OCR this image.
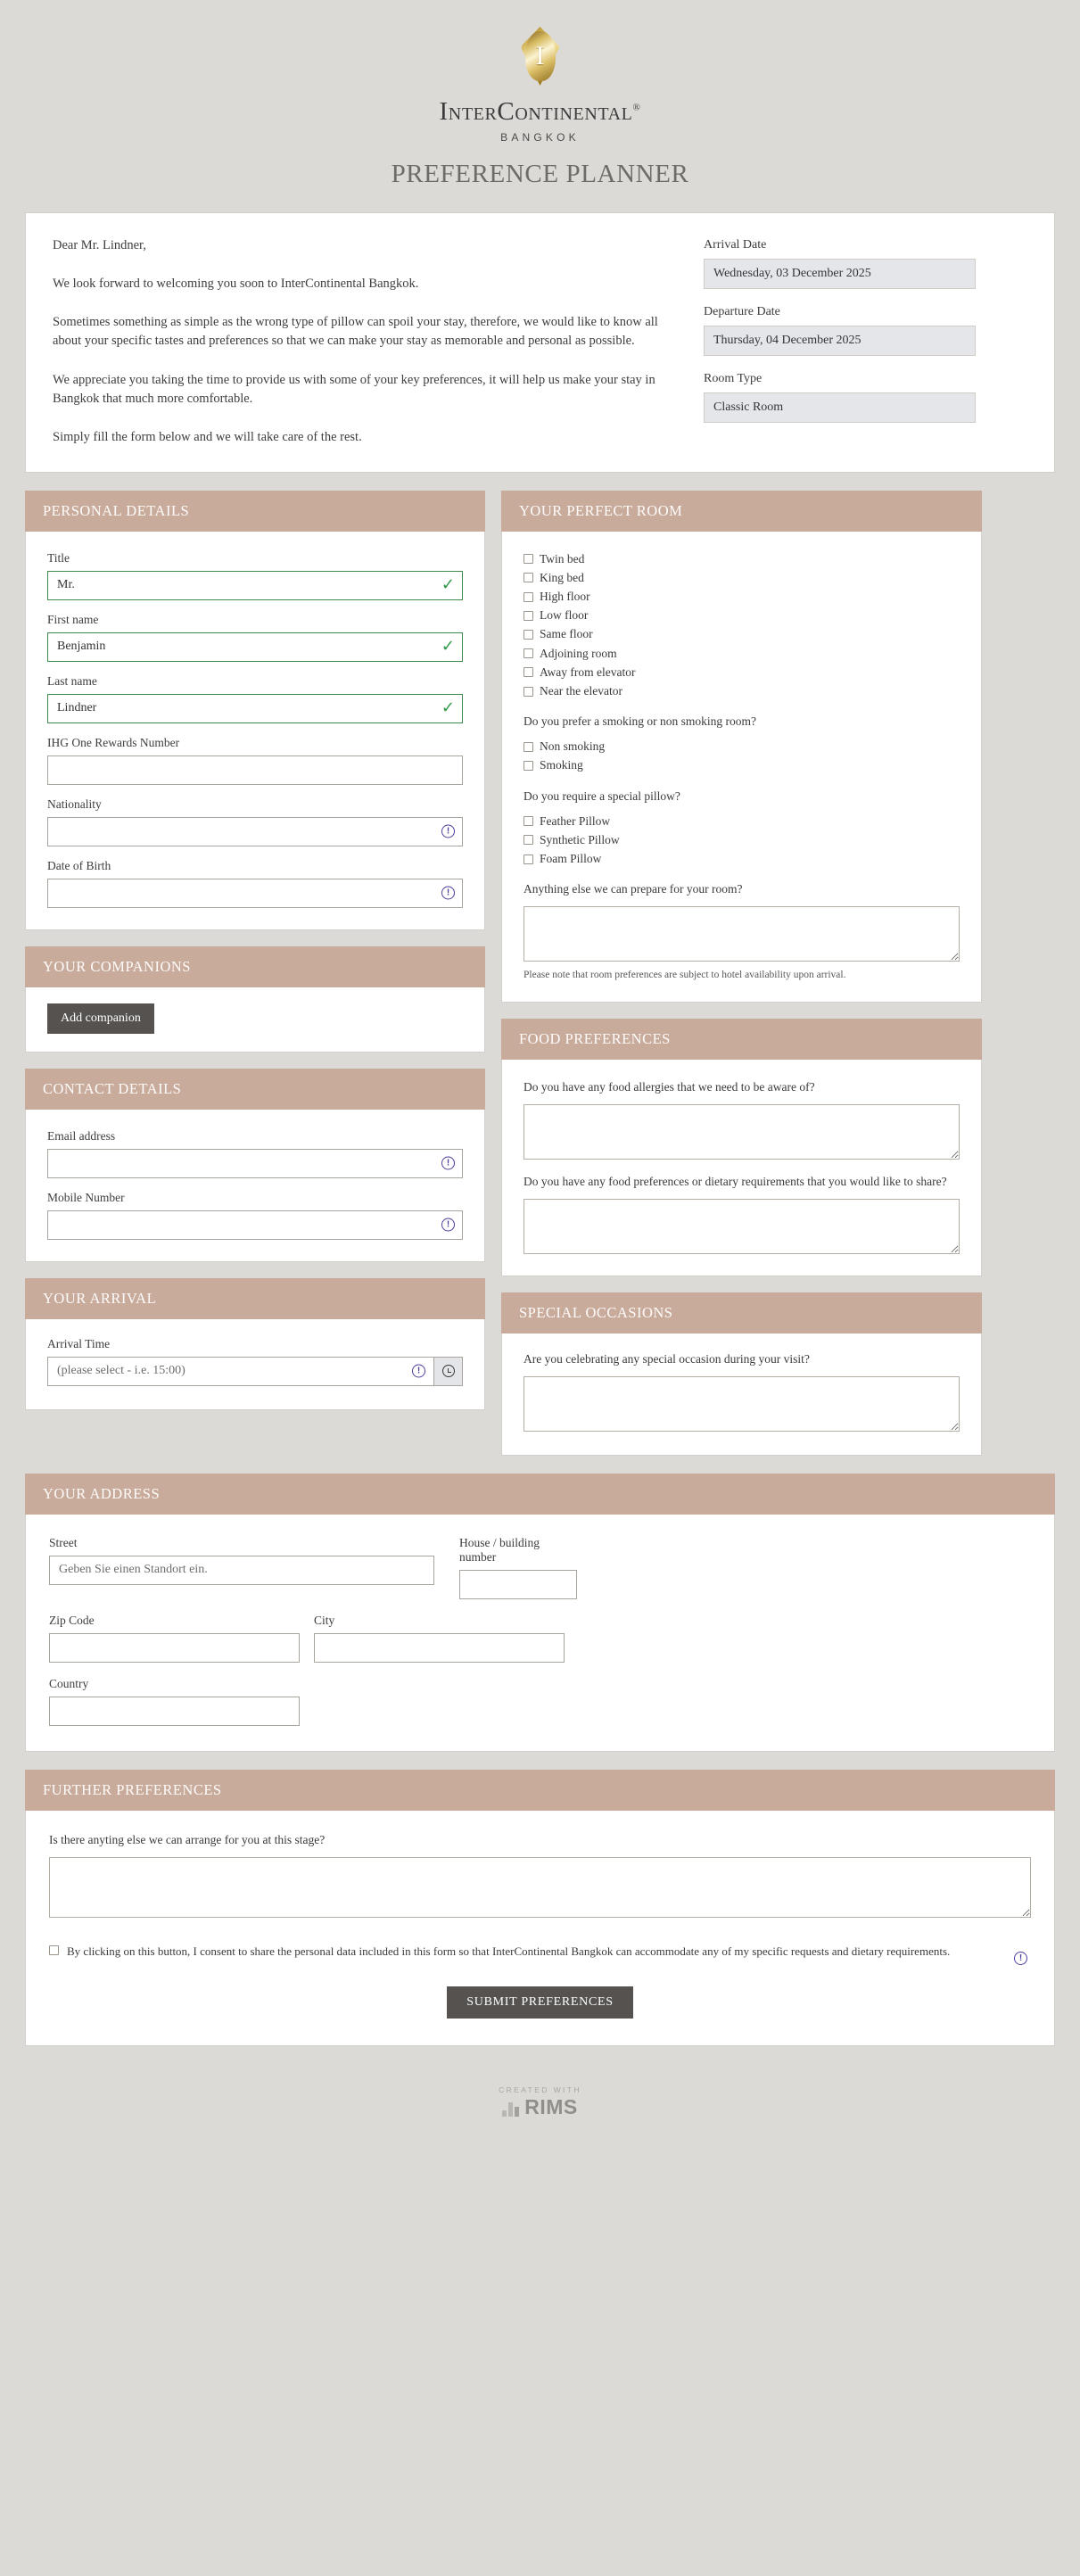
I
InterContinental®
BANGKOK
PREFERENCE PLANNER

Dear Mr. Lindner,

We look forward to welcoming you soon to InterContinental Bangkok.

Sometimes something as simple as the wrong type of pillow can spoil your stay, therefore, we would like to know all about your specific tastes and preferences so that we can make your stay as memorable and personal as possible.

We appreciate you taking the time to provide us with some of your key preferences, it will help us make your stay in Bangkok that much more comfortable.

Simply fill the form below and we will take care of the rest.

Arrival Date
Wednesday, 03 December 2025
Departure Date
Thursday, 04 December 2025
Room Type
Classic Room
PERSONAL DETAILS
Title
Mr.
✓
First name
Benjamin
✓
Last name
Lindner
✓
IHG One Rewards Number
Nationality
!
Date of Birth
!
YOUR COMPANIONS
Add companion
CONTACT DETAILS
Email address
!
Mobile Number
!
YOUR ARRIVAL
Arrival Time
(please select - i.e. 15:00)
!
YOUR PERFECT ROOM
Twin bed
King bed
High floor
Low floor
Same floor
Adjoining room
Away from elevator
Near the elevator
Do you prefer a smoking or non smoking room?
Non smoking
Smoking
Do you require a special pillow?
Feather Pillow
Synthetic Pillow
Foam Pillow
Anything else we can prepare for your room?
Please note that room preferences are subject to hotel availability upon arrival.
FOOD PREFERENCES
Do you have any food allergies that we need to be aware of?
Do you have any food preferences or dietary requirements that you would like to share?
SPECIAL OCCASIONS
Are you celebrating any special occasion during your visit?
YOUR ADDRESS
Street
Geben Sie einen Standort ein.	House / building number
Zip Code	City
Country
FURTHER PREFERENCES
Is there anyting else we can arrange for you at this stage?
By clicking on this button, I consent to share the personal data included in this form so that InterContinental Bangkok can accommodate any of my specific requests and dietary requirements.
!
SUBMIT PREFERENCES
CREATED WITH
RIMS
